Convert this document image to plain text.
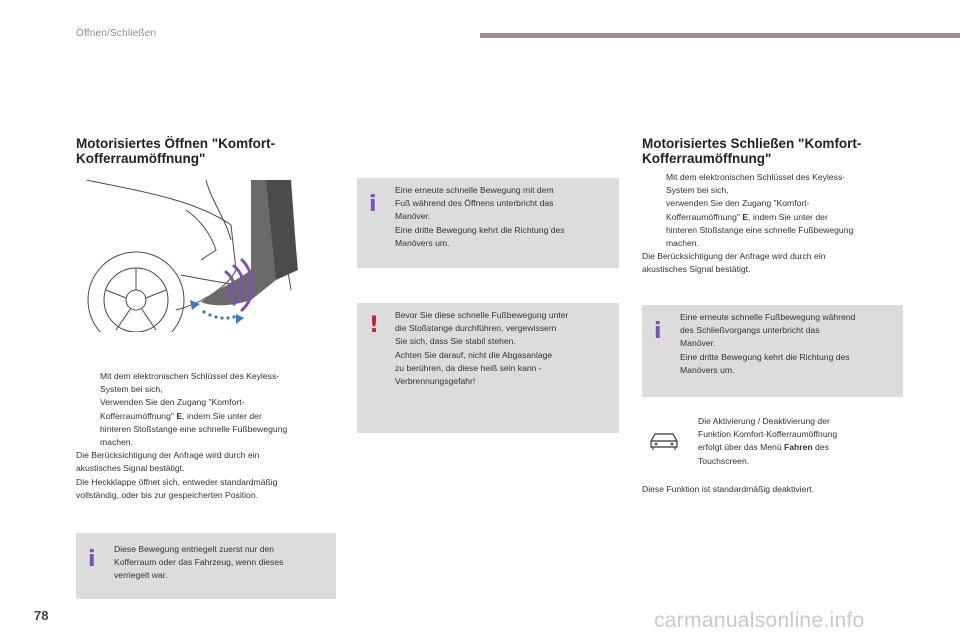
Öffnen/Schließen
Motorisiertes Öffnen "Komfort-
Kofferraumöffnung"
Mit dem elektronischen Schlüssel des Keyless-
System bei sich,
Verwenden Sie den Zugang "Komfort-
Kofferraumöffnung" E, indem Sie unter der
hinteren Stoßstange eine schnelle Fußbewegung
machen.
Die Berücksichtigung der Anfrage wird durch ein
akustisches Signal bestätigt.
Die Heckklappe öffnet sich, entweder standardmäßig
vollständig, oder bis zur gespeicherten Position.
i Diese Bewegung entriegelt zuerst nur den
Kofferraum oder das Fahrzeug, wenn dieses
verriegelt war.
i
Eine erneute schnelle Bewegung mit dem
Fuß während des Öffnens unterbricht das
Manöver.
Eine dritte Bewegung kehrt die Richtung des
Manövers um.
! Bevor Sie diese schnelle Fußbewegung unter
die Stoßstange durchführen, vergewissern
Sie sich, dass Sie stabil stehen.
Achten Sie darauf, nicht die Abgasanlage
zu berühren, da diese heiß sein kann -
Verbrennungsgefahr!
Motorisiertes Schließen "Komfort-
Kofferraumöffnung"
Mit dem elektronischen Schlüssel des Keyless-
System bei sich,
verwenden Sie den Zugang "Komfort-
Kofferraumöffnung" E, indem Sie unter der
hinteren Stoßstange eine schnelle Fußbewegung
machen.
Die Berücksichtigung der Anfrage wird durch ein
akustisches Signal bestätigt.
i
Eine erneute schnelle Fußbewegung während
des Schließvorgangs unterbricht das
Manöver.
Eine dritte Bewegung kehrt die Richtung des
Manövers um.
Die Aktivierung / Deaktivierung der
Funktion Komfort-Kofferraumöffnung
erfolgt über das Menü Fahren des
Touchscreen.
Diese Funktion ist standardmäßig deaktiviert.
78	carmanualsonline.info
